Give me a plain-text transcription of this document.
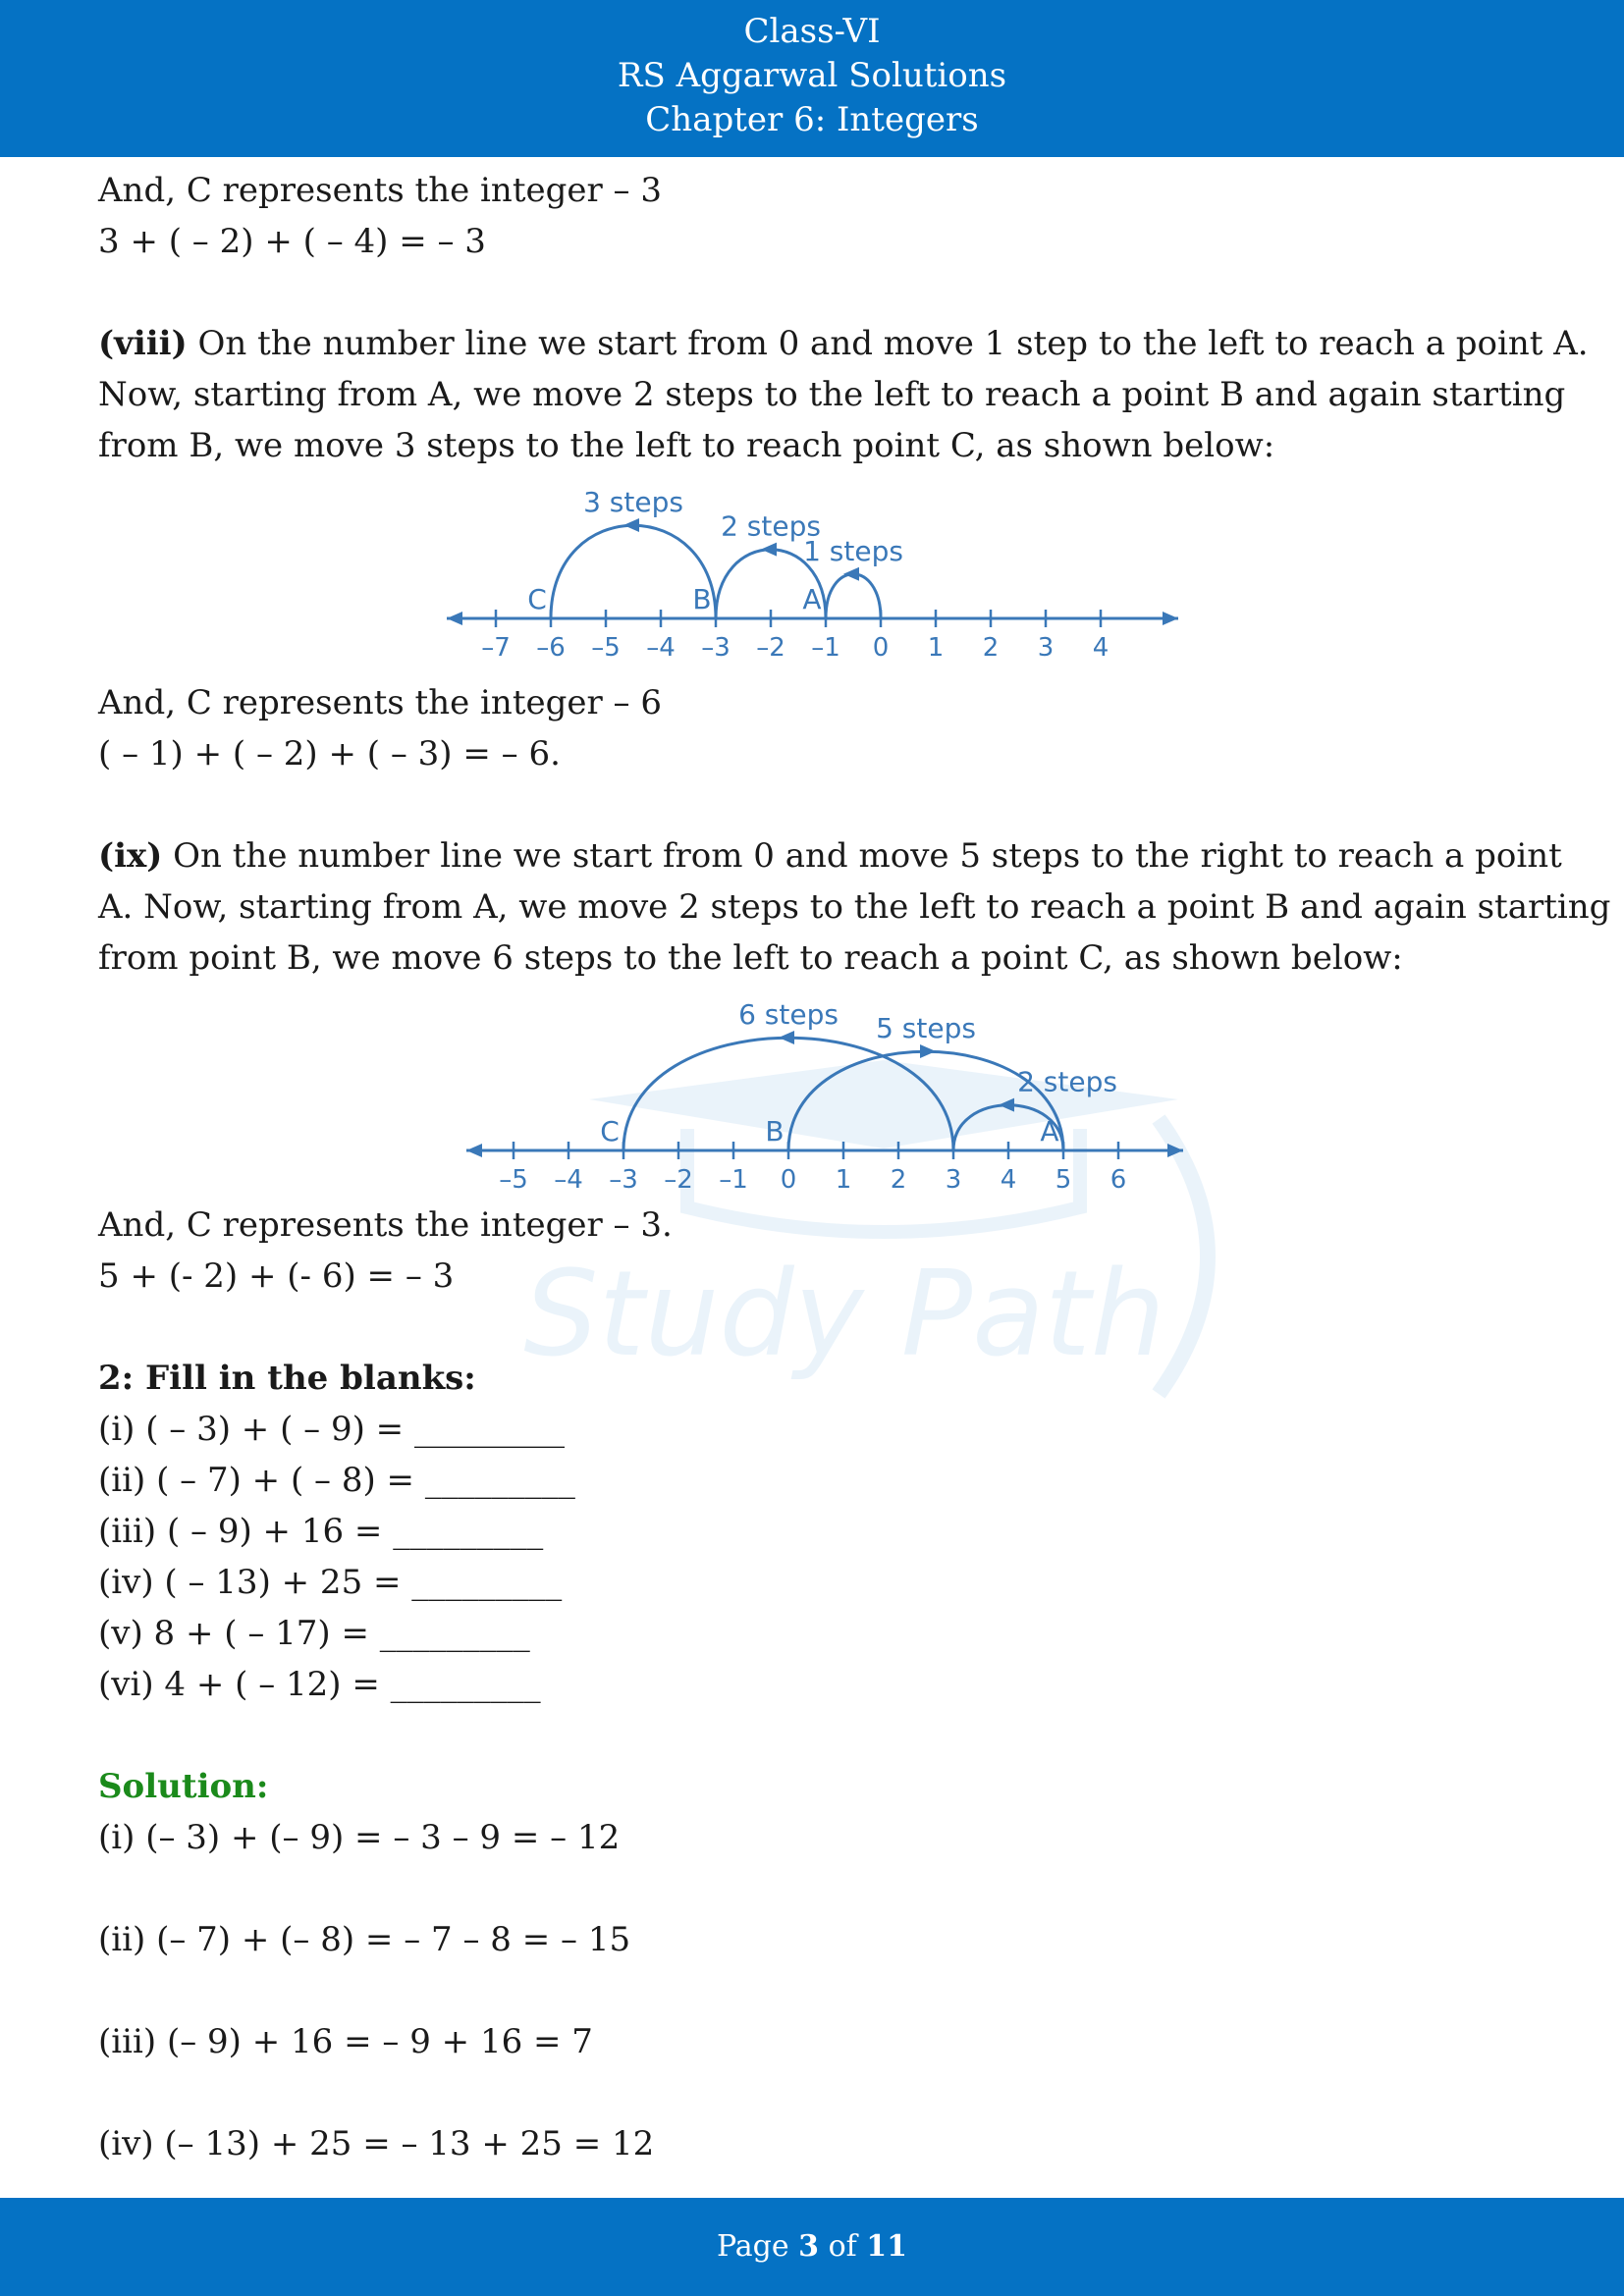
Class-VI
RS Aggarwal Solutions
Chapter 6: Integers
Study Path
And, C represents the integer – 3
3 + ( – 2) + ( – 4) = – 3
(viii) On the number line we start from 0 and move 1 step to the left to reach a point A.
Now, starting from A, we move 2 steps to the left to reach a point B and again starting
from B, we move 3 steps to the left to reach point C, as shown below:
–7 –6 –5 –4 –3 –2 –1 0 1 2 3 4
1 steps
2 steps
3 steps
C	B	A
And, C represents the integer – 6
( – 1) + ( – 2) + ( – 3) = – 6.
(ix) On the number line we start from 0 and move 5 steps to the right to reach a point
A. Now, starting from A, we move 2 steps to the left to reach a point B and again starting
from point B, we move 6 steps to the left to reach a point C, as shown below:
–5 –4 –3 –2 –1 0 1 2 3 4 5 6
5 steps
2 steps
6 steps
C	B	A
And, C represents the integer – 3.
5 + (- 2) + (- 6) = – 3
2: Fill in the blanks:
(i) ( – 3) + ( – 9) = _________
(ii) ( – 7) + ( – 8) = _________
(iii) ( – 9) + 16 = _________
(iv) ( – 13) + 25 = _________
(v) 8 + ( – 17) = _________
(vi) 4 + ( – 12) = _________
Solution:
(i) (– 3) + (– 9) = – 3 – 9 = – 12
(ii) (– 7) + (– 8) = – 7 – 8 = – 15
(iii) (– 9) + 16 = – 9 + 16 = 7
(iv) (– 13) + 25 = – 13 + 25 = 12
Page 3 of 11
